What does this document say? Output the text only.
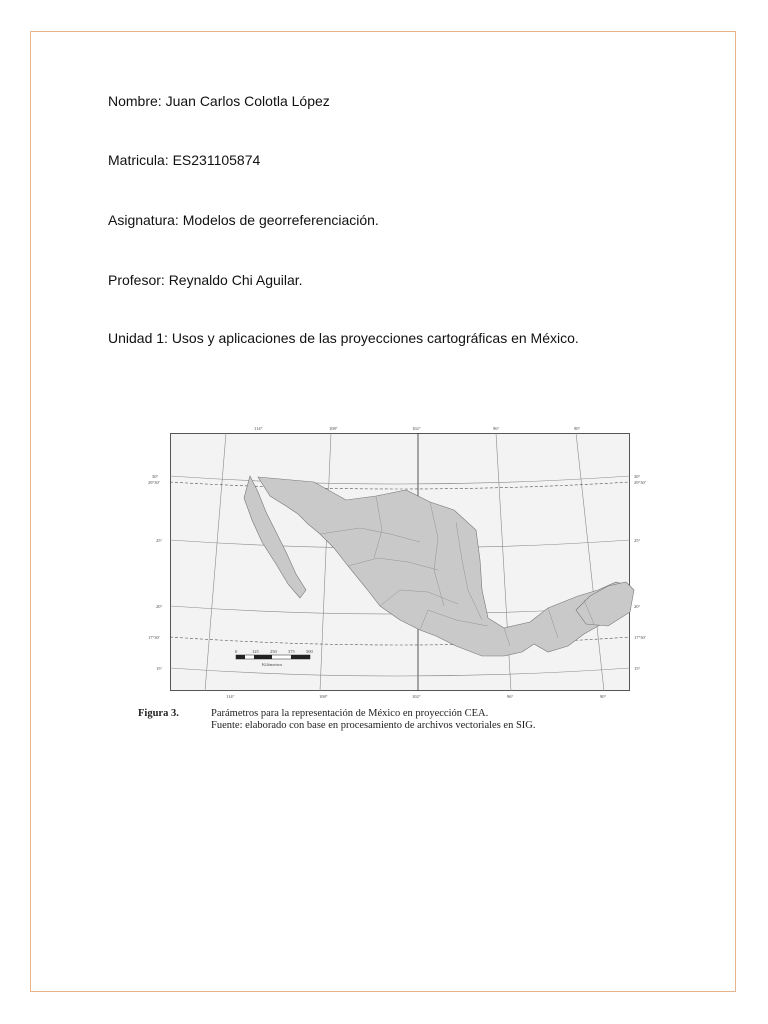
Nombre: Juan Carlos Colotla López
Matricula: ES231105874
Asignatura: Modelos de georreferenciación.
Profesor: Reynaldo Chi Aguilar.
Unidad 1: Usos y aplicaciones de las proyecciones cartográficas en México.
114°	108°	102°	96°	90°
114°	108°	102°	96°	90°
30°
29°30'
25°
20°
17°30'
15°
30°
29°30'
25°
20°
17°30'
15°
0	125	250	375	500
Kilómetros
Figura 3.	Parámetros para la representación de México en proyección CEA.
Fuente: elaborado con base en procesamiento de archivos vectoriales en SIG.
